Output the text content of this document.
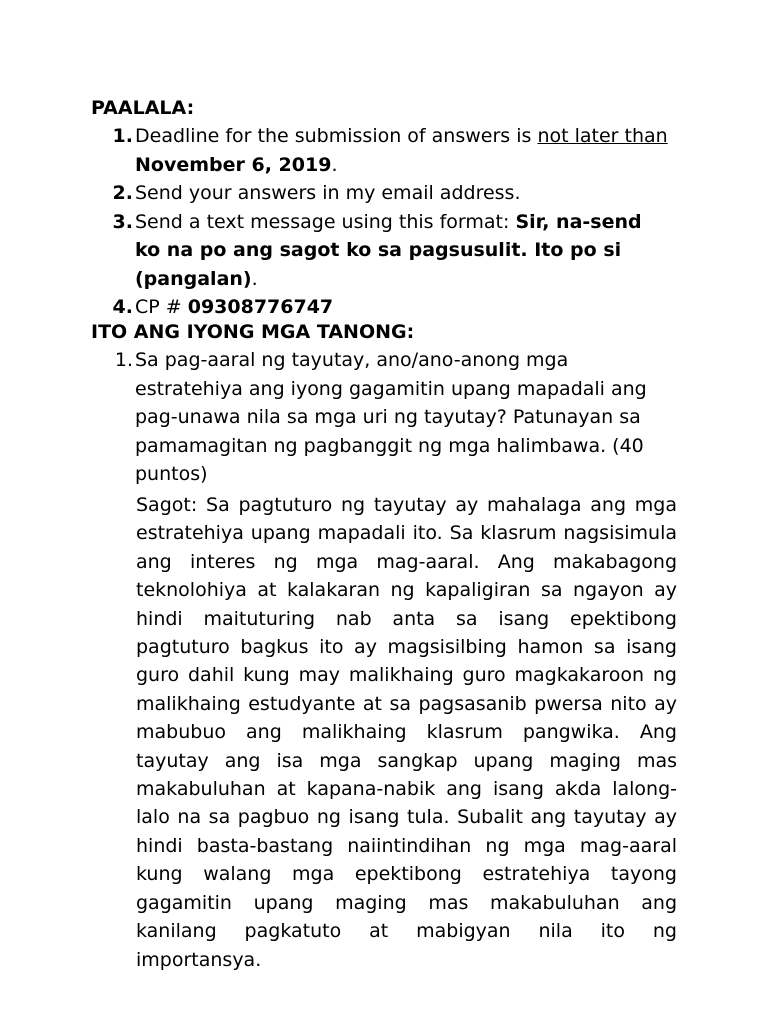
PAALALA:
1. Deadline for the submission of answers is not later than November 6, 2019.
2. Send your answers in my email address.
3. Send a text message using this format: Sir, na-send ko na po ang sagot ko sa pagsusulit. Ito po si (pangalan).
4. CP # 09308776747
ITO ANG IYONG MGA TANONG:
1. Sa pag-aaral ng tayutay, ano/ano-anong mga estratehiya ang iyong gagamitin upang mapadali ang pag-unawa nila sa mga uri ng tayutay? Patunayan sa pamamagitan ng pagbanggit ng mga halimbawa. (40 puntos)
Sagot: Sa pagtuturo ng tayutay ay mahalaga ang mga estratehiya upang mapadali ito. Sa klasrum nagsisimula ang interes ng mga mag-aaral. Ang makabagong teknolohiya at kalakaran ng kapaligiran sa ngayon ay hindi maituturing nab anta sa isang epektibong pagtuturo bagkus ito ay magsisilbing hamon sa isang guro dahil kung may malikhaing guro magkakaroon ng malikhaing estudyante at sa pagsasanib pwersa nito ay mabubuo ang malikhaing klasrum pangwika. Ang tayutay ang isa mga sangkap upang maging mas makabuluhan at kapana-nabik ang isang akda lalong-lalo na sa pagbuo ng isang tula. Subalit ang tayutay ay hindi basta-bastang naiintindihan ng mga mag-aaral kung walang mga epektibong estratehiya tayong gagamitin upang maging mas makabuluhan ang kanilang pagkatuto at mabigyan nila ito ng importansya.
